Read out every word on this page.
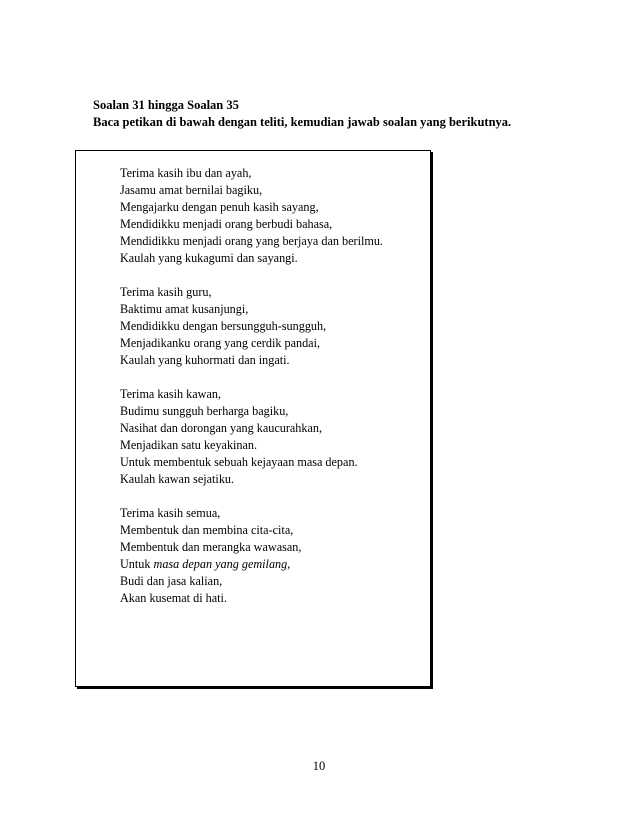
Soalan 31 hingga Soalan 35
Baca petikan di bawah dengan teliti, kemudian jawab soalan yang berikutnya.
Terima kasih ibu dan ayah,
Jasamu amat bernilai bagiku,
Mengajarku dengan penuh kasih sayang,
Mendidikku menjadi orang berbudi bahasa,
Mendidikku menjadi orang yang berjaya dan berilmu.
Kaulah yang kukagumi dan sayangi.
Terima kasih guru,
Baktimu amat kusanjungi,
Mendidikku dengan bersungguh-sungguh,
Menjadikanku orang yang cerdik pandai,
Kaulah yang kuhormati dan ingati.
Terima kasih kawan,
Budimu sungguh berharga bagiku,
Nasihat dan dorongan yang kaucurahkan,
Menjadikan satu keyakinan.
Untuk membentuk sebuah kejayaan masa depan.
Kaulah kawan sejatiku.
Terima kasih semua,
Membentuk dan membina cita-cita,
Membentuk dan merangka wawasan,
Untuk masa depan yang gemilang,
Budi dan jasa kalian,
Akan kusemat di hati.
10
